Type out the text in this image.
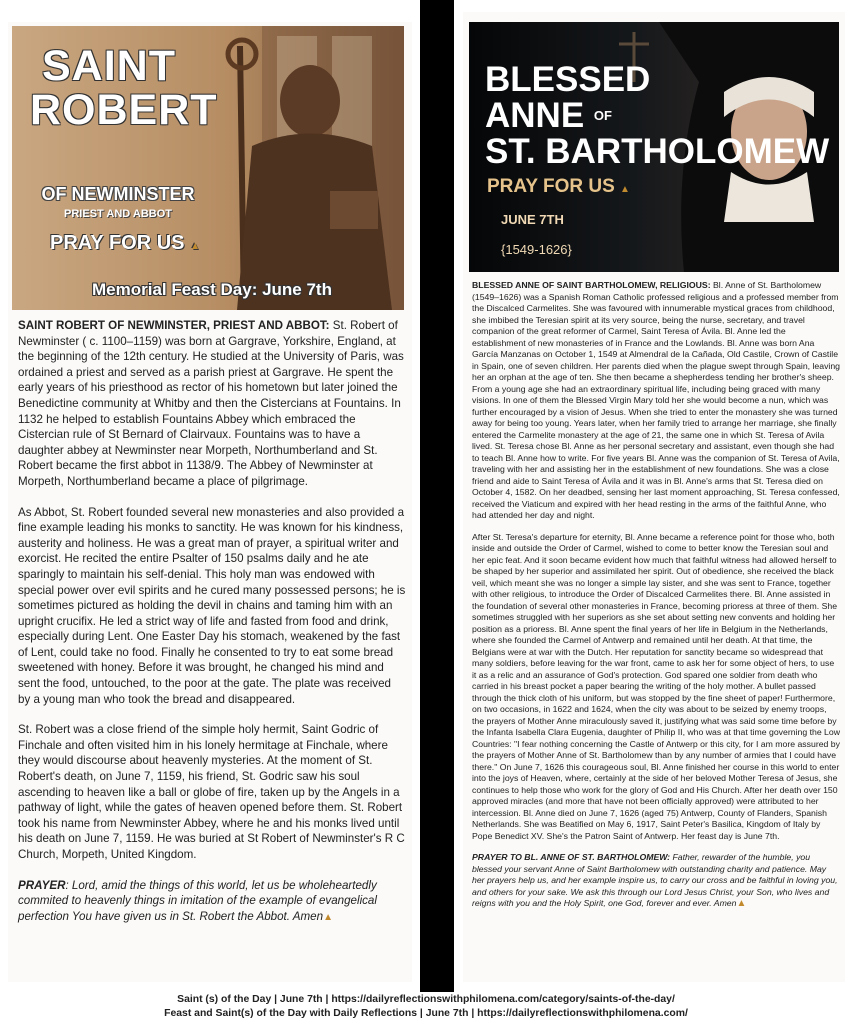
SAINT
ROBERT
OF NEWMINSTER
PRIEST AND ABBOT
PRAY FOR US ▲
Memorial Feast Day: June 7th
BLESSED
ANNE $^{OF}$
ST. BARTHOLOMEW
PRAY FOR US ▲
JUNE 7TH
{1549-1626}

SAINT ROBERT OF NEWMINSTER, PRIEST AND ABBOT: St. Robert of Newminster ( c. 1100–1159) was born at Gargrave, Yorkshire, England, at the beginning of the 12th century. He studied at the University of Paris, was ordained a priest and served as a parish priest at Gargrave. He spent the early years of his priesthood as rector of his hometown but later joined the Benedictine community at Whitby and then the Cistercians at Fountains. In 1132 he helped to establish Fountains Abbey which embraced the Cistercian rule of St Bernard of Clairvaux. Fountains was to have a daughter abbey at Newminster near Morpeth, Northumberland and St. Robert became the first abbot in 1138/9. The Abbey of Newminster at Morpeth, Northumberland became a place of pilgrimage.

As Abbot, St. Robert founded several new monasteries and also provided a fine example leading his monks to sanctity. He was known for his kindness, austerity and holiness. He was a great man of prayer, a spiritual writer and exorcist. He recited the entire Psalter of 150 psalms daily and he ate sparingly to maintain his self-denial. This holy man was endowed with special power over evil spirits and he cured many possessed persons; he is sometimes pictured as holding the devil in chains and taming him with an upright crucifix. He led a strict way of life and fasted from food and drink, especially during Lent. One Easter Day his stomach, weakened by the fast of Lent, could take no food. Finally he consented to try to eat some bread sweetened with honey. Before it was brought, he changed his mind and sent the food, untouched, to the poor at the gate. The plate was received by a young man who took the bread and disappeared.

St. Robert was a close friend of the simple holy hermit, Saint Godric of Finchale and often visited him in his lonely hermitage at Finchale, where they would discourse about heavenly mysteries. At the moment of St. Robert's death, on June 7, 1159, his friend, St. Godric saw his soul ascending to heaven like a ball or globe of fire, taken up by the Angels in a pathway of light, while the gates of heaven opened before them. St. Robert took his name from Newminster Abbey, where he and his monks lived until his death on June 7, 1159. He was buried at St Robert of Newminster's R C Church, Morpeth, United Kingdom.

PRAYER: Lord, amid the things of this world, let us be wholeheartedly commited to heavenly things in imitation of the example of evangelical perfection You have given us in St. Robert the Abbot. Amen▲

BLESSED ANNE OF SAINT BARTHOLOMEW, RELIGIOUS: Bl. Anne of St. Bartholomew (1549–1626) was a Spanish Roman Catholic professed religious and a professed member from the Discalced Carmelites. She was favoured with innumerable mystical graces from childhood, she imbibed the Teresian spirit at its very source, being the nurse, secretary, and travel companion of the great reformer of Carmel, Saint Teresa of Ávila. Bl. Anne led the establishment of new monasteries of in France and the Lowlands. Bl. Anne was born Ana García Manzanas on October 1, 1549 at Almendral de la Cañada, Old Castile, Crown of Castile in Spain, one of seven children. Her parents died when the plague swept through Spain, leaving her an orphan at the age of ten. She then became a shepherdess tending her brother's sheep. From a young age she had an extraordinary spiritual life, including being graced with many visions. In one of them the Blessed Virgin Mary told her she would become a nun, which was further encouraged by a vision of Jesus. When she tried to enter the monastery she was turned away for being too young. Years later, when her family tried to arrange her marriage, she finally entered the Carmelite monastery at the age of 21, the same one in which St. Teresa of Avila lived. St. Teresa chose Bl. Anne as her personal secretary and assistant, even though she had to teach Bl. Anne how to write. For five years Bl. Anne was the companion of St. Teresa of Avila, traveling with her and assisting her in the establishment of new foundations. She was a close friend and aide to Saint Teresa of Ávila and it was in Bl. Anne's arms that St. Teresa died on October 4, 1582. On her deadbed, sensing her last moment approaching, St. Teresa confessed, received the Viaticum and expired with her head resting in the arms of the faithful Anne, who had attended her day and night.

After St. Teresa's departure for eternity, Bl. Anne became a reference point for those who, both inside and outside the Order of Carmel, wished to come to better know the Teresian soul and her epic feat. And it soon became evident how much that faithful witness had allowed herself to be shaped by her superior and assimilated her spirit. Out of obedience, she received the black veil, which meant she was no longer a simple lay sister, and she was sent to France, together with other religious, to introduce the Order of Discalced Carmelites there. Bl. Anne assisted in the foundation of several other monasteries in France, becoming prioress at three of them. She sometimes struggled with her superiors as she set about setting new convents and holding her position as a prioress. Bl. Anne spent the final years of her life in Belgium in the Netherlands, where she founded the Carmel of Antwerp and remained until her death. At that time, the Belgians were at war with the Dutch. Her reputation for sanctity became so widespread that many soldiers, before leaving for the war front, came to ask her for some object of hers, to use it as a relic and an assurance of God's protection. God spared one soldier from death who carried in his breast pocket a paper bearing the writing of the holy mother. A bullet passed through the thick cloth of his uniform, but was stopped by the fine sheet of paper! Furthermore, on two occasions, in 1622 and 1624, when the city was about to be seized by enemy troops, the prayers of Mother Anne miraculously saved it, justifying what was said some time before by the Infanta Isabella Clara Eugenia, daughter of Philip II, who was at that time governing the Low Countries: "I fear nothing concerning the Castle of Antwerp or this city, for I am more assured by the prayers of Mother Anne of St. Bartholomew than by any number of armies that I could have there." On June 7, 1626 this courageous soul, Bl. Anne finished her course in this world to enter into the joys of Heaven, where, certainly at the side of her beloved Mother Teresa of Jesus, she continues to help those who work for the glory of God and His Church. After her death over 150 approved miracles (and more that have not been officially approved) were attributed to her intercession. Bl. Anne died on June 7, 1626 (aged 75) Antwerp, County of Flanders, Spanish Netherlands. She was Beatified on May 6, 1917, Saint Peter's Basilica, Kingdom of Italy by Pope Benedict XV. She's the Patron Saint of Antwerp. Her feast day is June 7th.

PRAYER TO BL. ANNE OF ST. BARTHOLOMEW: Father, rewarder of the humble, you blessed your servant Anne of Saint Bartholomew with outstanding charity and patience. May her prayers help us, and her example inspire us, to carry our cross and be faithful in loving you, and others for your sake. We ask this through our Lord Jesus Christ, your Son, who lives and reigns with you and the Holy Spirit, one God, forever and ever. Amen▲

Saint (s) of the Day | June 7th | https://dailyreflectionswithphilomena.com/category/saints-of-the-day/
Feast and Saint(s) of the Day with Daily Reflections | June 7th | https://dailyreflectionswithphilomena.com/
